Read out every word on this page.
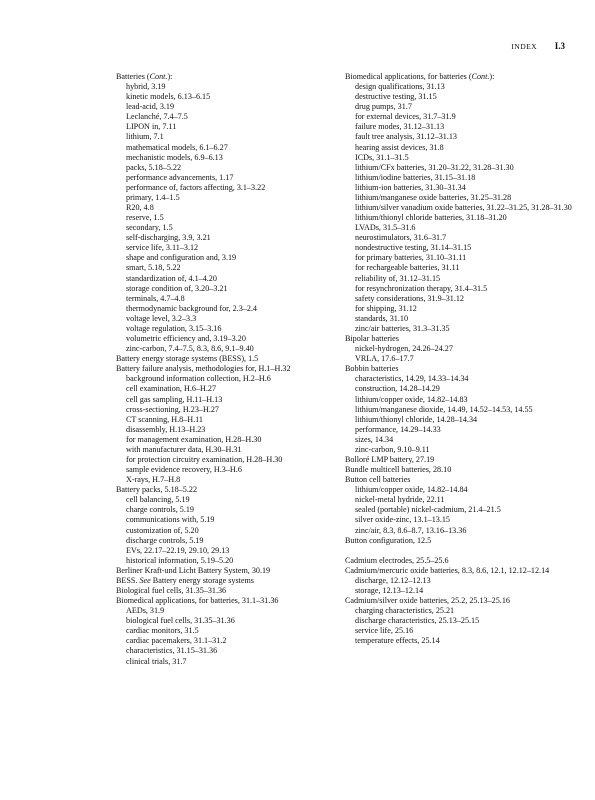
INDEX I.3
Batteries (Cont.):
hybrid, 3.19
kinetic models, 6.13–6.15
lead-acid, 3.19
Leclanché, 7.4–7.5
LIPON in, 7.11
lithium, 7.1
mathematical models, 6.1–6.27
mechanistic models, 6.9–6.13
packs, 5.18–5.22
performance advancements, 1.17
performance of, factors affecting, 3.1–3.22
primary, 1.4–1.5
R20, 4.8
reserve, 1.5
secondary, 1.5
self-discharging, 3.9, 3.21
service life, 3.11–3.12
shape and configuration and, 3.19
smart, 5.18, 5.22
standardization of, 4.1–4.20
storage condition of, 3.20–3.21
terminals, 4.7–4.8
thermodynamic background for, 2.3–2.4
voltage level, 3.2–3.3
voltage regulation, 3.15–3.16
volumetric efficiency and, 3.19–3.20
zinc-carbon, 7.4–7.5, 8.3, 8.6, 9.1–9.40
Battery energy storage systems (BESS), 1.5
Battery failure analysis, methodologies for, H.1–H.32
background information collection, H.2–H.6
cell examination, H.6–H.27
cell gas sampling, H.11–H.13
cross-sectioning, H.23–H.27
CT scanning, H.8–H.11
disassembly, H.13–H.23
for management examination, H.28–H.30
with manufacturer data, H.30–H.31
for protection circuitry examination, H.28–H.30
sample evidence recovery, H.3–H.6
X-rays, H.7–H.8
Battery packs, 5.18–5.22
cell balancing, 5.19
charge controls, 5.19
communications with, 5.19
customization of, 5.20
discharge controls, 5.19
EVs, 22.17–22.19, 29.10, 29.13
historical information, 5.19–5.20
Berliner Kraft-und Licht Battery System, 30.19
BESS. See Battery energy storage systems
Biological fuel cells, 31.35–31.36
Biomedical applications, for batteries, 31.1–31.36
AEDs, 31.9
biological fuel cells, 31.35–31.36
cardiac monitors, 31.5
cardiac pacemakers, 31.1–31.2
characteristics, 31.15–31.36
clinical trials, 31.7
Biomedical applications, for batteries (Cont.):
design qualifications, 31.13
destructive testing, 31.15
drug pumps, 31.7
for external devices, 31.7–31.9
failure modes, 31.12–31.13
fault tree analysis, 31.12–31.13
hearing assist devices, 31.8
ICDs, 31.1–31.5
lithium/CFx batteries, 31.20–31.22, 31.28–31.30
lithium/iodine batteries, 31.15–31.18
lithium-ion batteries, 31.30–31.34
lithium/manganese oxide batteries, 31.25–31.28
lithium/silver vanadium oxide batteries, 31.22–31.25, 31.28–31.30
lithium/thionyl chloride batteries, 31.18–31.20
LVADs, 31.5–31.6
neurostimulators, 31.6–31.7
nondestructive testing, 31.14–31.15
for primary batteries, 31.10–31.11
for rechargeable batteries, 31.11
reliability of, 31.12–31.15
for resynchronization therapy, 31.4–31.5
safety considerations, 31.9–31.12
for shipping, 31.12
standards, 31.10
zinc/air batteries, 31.3–31.35
Bipolar batteries
nickel-hydrogen, 24.26–24.27
VRLA, 17.6–17.7
Bobbin batteries
characteristics, 14.29, 14.33–14.34
construction, 14.28–14.29
lithium/copper oxide, 14.82–14.83
lithium/manganese dioxide, 14.49, 14.52–14.53, 14.55
lithium/thionyl chloride, 14.28–14.34
performance, 14.29–14.33
sizes, 14.34
zinc-carbon, 9.10–9.11
Bolloré LMP battery, 27.19
Bundle multicell batteries, 28.10
Button cell batteries
lithium/copper oxide, 14.82–14.84
nickel-metal hydride, 22.11
sealed (portable) nickel-cadmium, 21.4–21.5
silver oxide-zinc, 13.1–13.15
zinc/air, 8.3, 8.6–8.7, 13.16–13.36
Button configuration, 12.5
Cadmium electrodes, 25.5–25.6
Cadmium/mercuric oxide batteries, 8.3, 8.6, 12.1, 12.12–12.14
discharge, 12.12–12.13
storage, 12.13–12.14
Cadmium/silver oxide batteries, 25.2, 25.13–25.16
charging characteristics, 25.21
discharge characteristics, 25.13–25.15
service life, 25.16
temperature effects, 25.14
